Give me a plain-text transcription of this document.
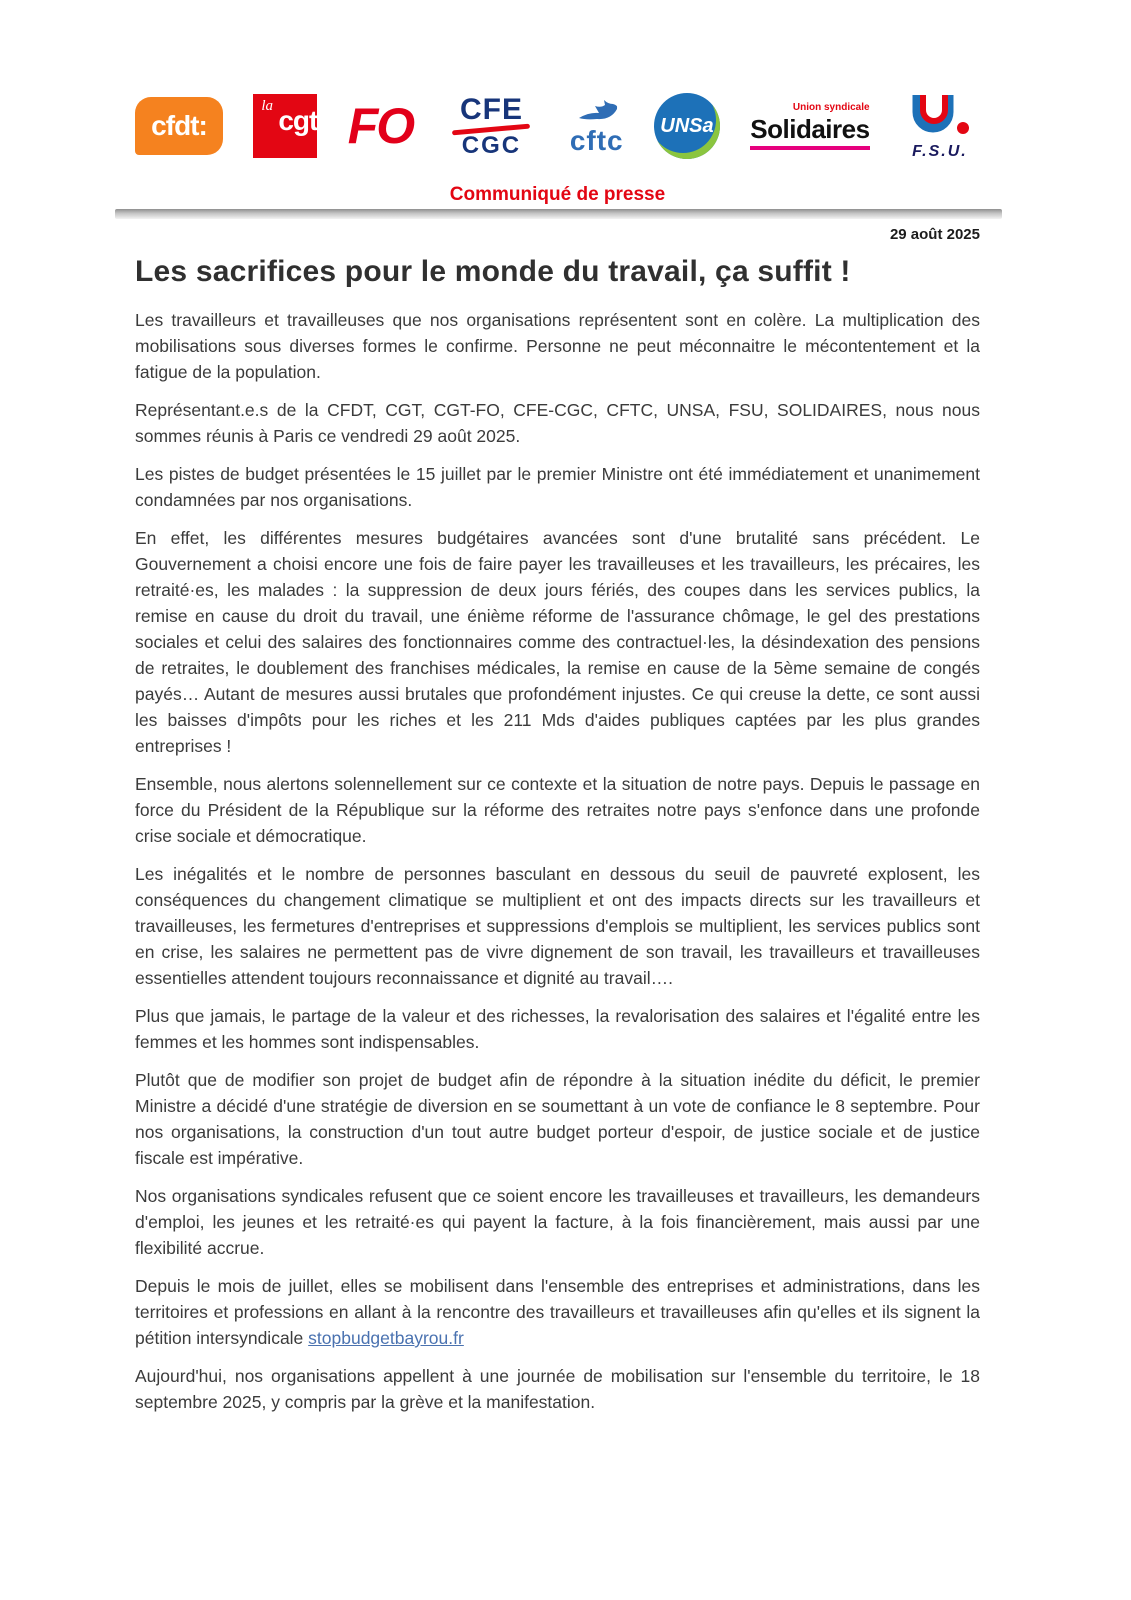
cfdt:
la cgt FO CFE
CGC cftc UNSa
Union syndicale
Solidaires
F.S.U.
Communiqué de presse
29 août 2025
Les sacrifices pour le monde du travail, ça suffit !

Les travailleurs et travailleuses que nos organisations représentent sont en colère. La multiplication des mobilisations sous diverses formes le confirme. Personne ne peut méconnaitre le mécontentement et la fatigue de la population.

Représentant.e.s de la CFDT, CGT, CGT-FO, CFE-CGC, CFTC, UNSA, FSU, SOLIDAIRES, nous nous sommes réunis à Paris ce vendredi 29 août 2025.

Les pistes de budget présentées le 15 juillet par le premier Ministre ont été immédiatement et unanimement condamnées par nos organisations.

En effet, les différentes mesures budgétaires avancées sont d'une brutalité sans précédent. Le Gouvernement a choisi encore une fois de faire payer les travailleuses et les travailleurs, les précaires, les retraité·es, les malades : la suppression de deux jours fériés, des coupes dans les services publics, la remise en cause du droit du travail, une énième réforme de l'assurance chômage, le gel des prestations sociales et celui des salaires des fonctionnaires comme des contractuel·les, la désindexation des pensions de retraites, le doublement des franchises médicales, la remise en cause de la 5ème semaine de congés payés… Autant de mesures aussi brutales que profondément injustes. Ce qui creuse la dette, ce sont aussi les baisses d'impôts pour les riches et les 211 Mds d'aides publiques captées par les plus grandes entreprises !

Ensemble, nous alertons solennellement sur ce contexte et la situation de notre pays. Depuis le passage en force du Président de la République sur la réforme des retraites notre pays s'enfonce dans une profonde crise sociale et démocratique.

Les inégalités et le nombre de personnes basculant en dessous du seuil de pauvreté explosent, les conséquences du changement climatique se multiplient et ont des impacts directs sur les travailleurs et travailleuses, les fermetures d'entreprises et suppressions d'emplois se multiplient, les services publics sont en crise, les salaires ne permettent pas de vivre dignement de son travail, les travailleurs et travailleuses essentielles attendent toujours reconnaissance et dignité au travail….

Plus que jamais, le partage de la valeur et des richesses, la revalorisation des salaires et l'égalité entre les femmes et les hommes sont indispensables.

Plutôt que de modifier son projet de budget afin de répondre à la situation inédite du déficit, le premier Ministre a décidé d'une stratégie de diversion en se soumettant à un vote de confiance le 8 septembre. Pour nos organisations, la construction d'un tout autre budget porteur d'espoir, de justice sociale et de justice fiscale est impérative.

Nos organisations syndicales refusent que ce soient encore les travailleuses et travailleurs, les demandeurs d'emploi, les jeunes et les retraité·es qui payent la facture, à la fois financièrement, mais aussi par une flexibilité accrue.

Depuis le mois de juillet, elles se mobilisent dans l'ensemble des entreprises et administrations, dans les territoires et professions en allant à la rencontre des travailleurs et travailleuses afin qu'elles et ils signent la pétition intersyndicale stopbudgetbayrou.fr

Aujourd'hui, nos organisations appellent à une journée de mobilisation sur l'ensemble du territoire, le 18 septembre 2025, y compris par la grève et la manifestation.
